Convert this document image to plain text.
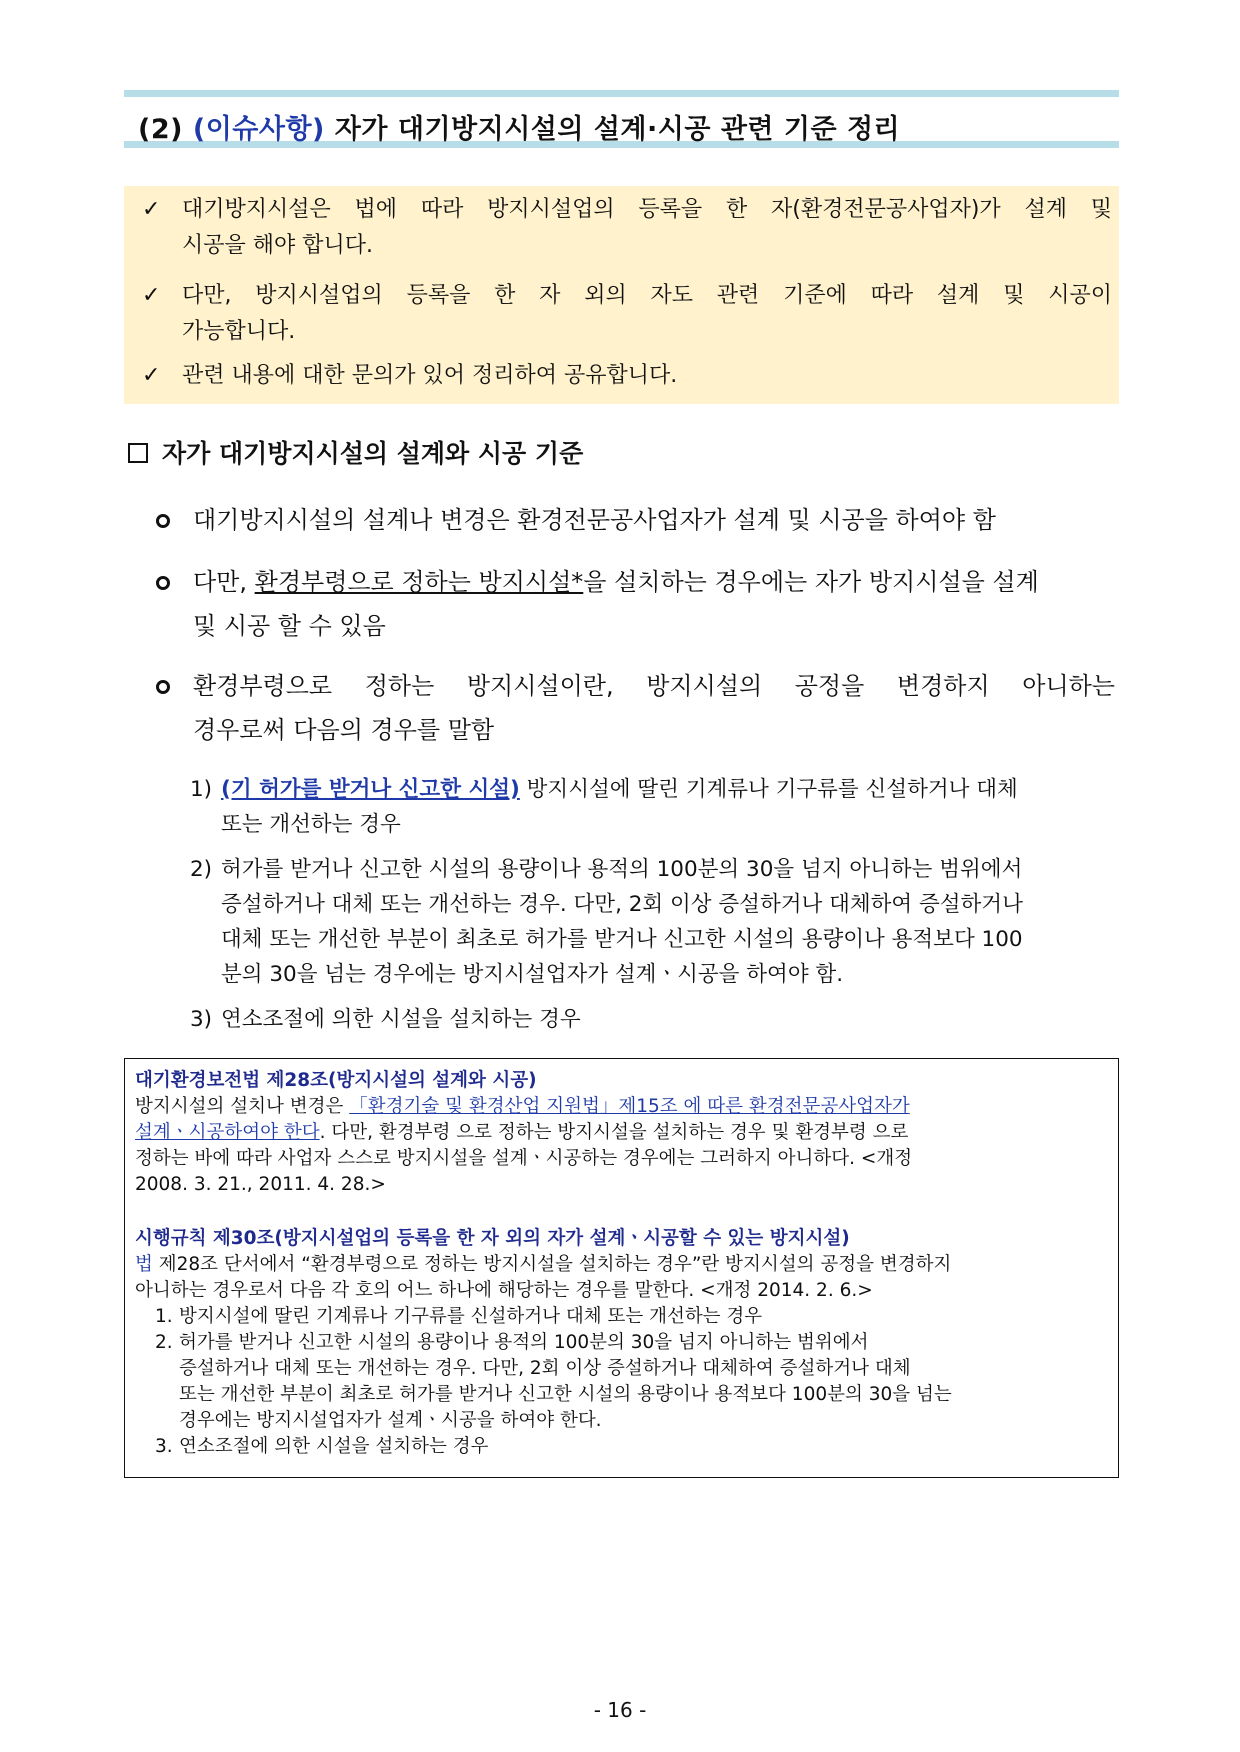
(2) (이슈사항) 자가 대기방지시설의 설계·시공 관련 기준 정리
✓ 대기방지시설은 법에 따라 방지시설업의 등록을 한 자(환경전문공사업자)가 설계 및
시공을 해야 합니다.
✓ 다만, 방지시설업의 등록을 한 자 외의 자도 관련 기준에 따라 설계 및 시공이
가능합니다.
✓ 관련 내용에 대한 문의가 있어 정리하여 공유합니다.
자가 대기방지시설의 설계와 시공 기준
대기방지시설의 설계나 변경은 환경전문공사업자가 설계 및 시공을 하여야 함
다만, 환경부령으로 정하는 방지시설*을 설치하는 경우에는 자가 방지시설을 설계
및 시공 할 수 있음
환경부령으로 정하는 방지시설이란, 방지시설의 공정을 변경하지 아니하는
경우로써 다음의 경우를 말함
1) (기 허가를 받거나 신고한 시설) 방지시설에 딸린 기계류나 기구류를 신설하거나 대체
또는 개선하는 경우
2) 허가를 받거나 신고한 시설의 용량이나 용적의 100분의 30을 넘지 아니하는 범위에서
증설하거나 대체 또는 개선하는 경우. 다만, 2회 이상 증설하거나 대체하여 증설하거나
대체 또는 개선한 부분이 최초로 허가를 받거나 신고한 시설의 용량이나 용적보다 100
분의 30을 넘는 경우에는 방지시설업자가 설계ㆍ시공을 하여야 함.
3) 연소조절에 의한 시설을 설치하는 경우
대기환경보전법 제28조(방지시설의 설계와 시공)
방지시설의 설치나 변경은 「환경기술 및 환경산업 지원법」제15조 에 따른 환경전문공사업자가
설계ㆍ시공하여야 한다. 다만, 환경부령 으로 정하는 방지시설을 설치하는 경우 및 환경부령 으로
정하는 바에 따라 사업자 스스로 방지시설을 설계ㆍ시공하는 경우에는 그러하지 아니하다. <개정
2008. 3. 21., 2011. 4. 28.>
시행규칙 제30조(방지시설업의 등록을 한 자 외의 자가 설계ㆍ시공할 수 있는 방지시설)
법 제28조 단서에서 “환경부령으로 정하는 방지시설을 설치하는 경우”란 방지시설의 공정을 변경하지
아니하는 경우로서 다음 각 호의 어느 하나에 해당하는 경우를 말한다. <개정 2014. 2. 6.>
1. 방지시설에 딸린 기계류나 기구류를 신설하거나 대체 또는 개선하는 경우
2. 허가를 받거나 신고한 시설의 용량이나 용적의 100분의 30을 넘지 아니하는 범위에서
증설하거나 대체 또는 개선하는 경우. 다만, 2회 이상 증설하거나 대체하여 증설하거나 대체
또는 개선한 부분이 최초로 허가를 받거나 신고한 시설의 용량이나 용적보다 100분의 30을 넘는
경우에는 방지시설업자가 설계ㆍ시공을 하여야 한다.
3. 연소조절에 의한 시설을 설치하는 경우
- 16 -
